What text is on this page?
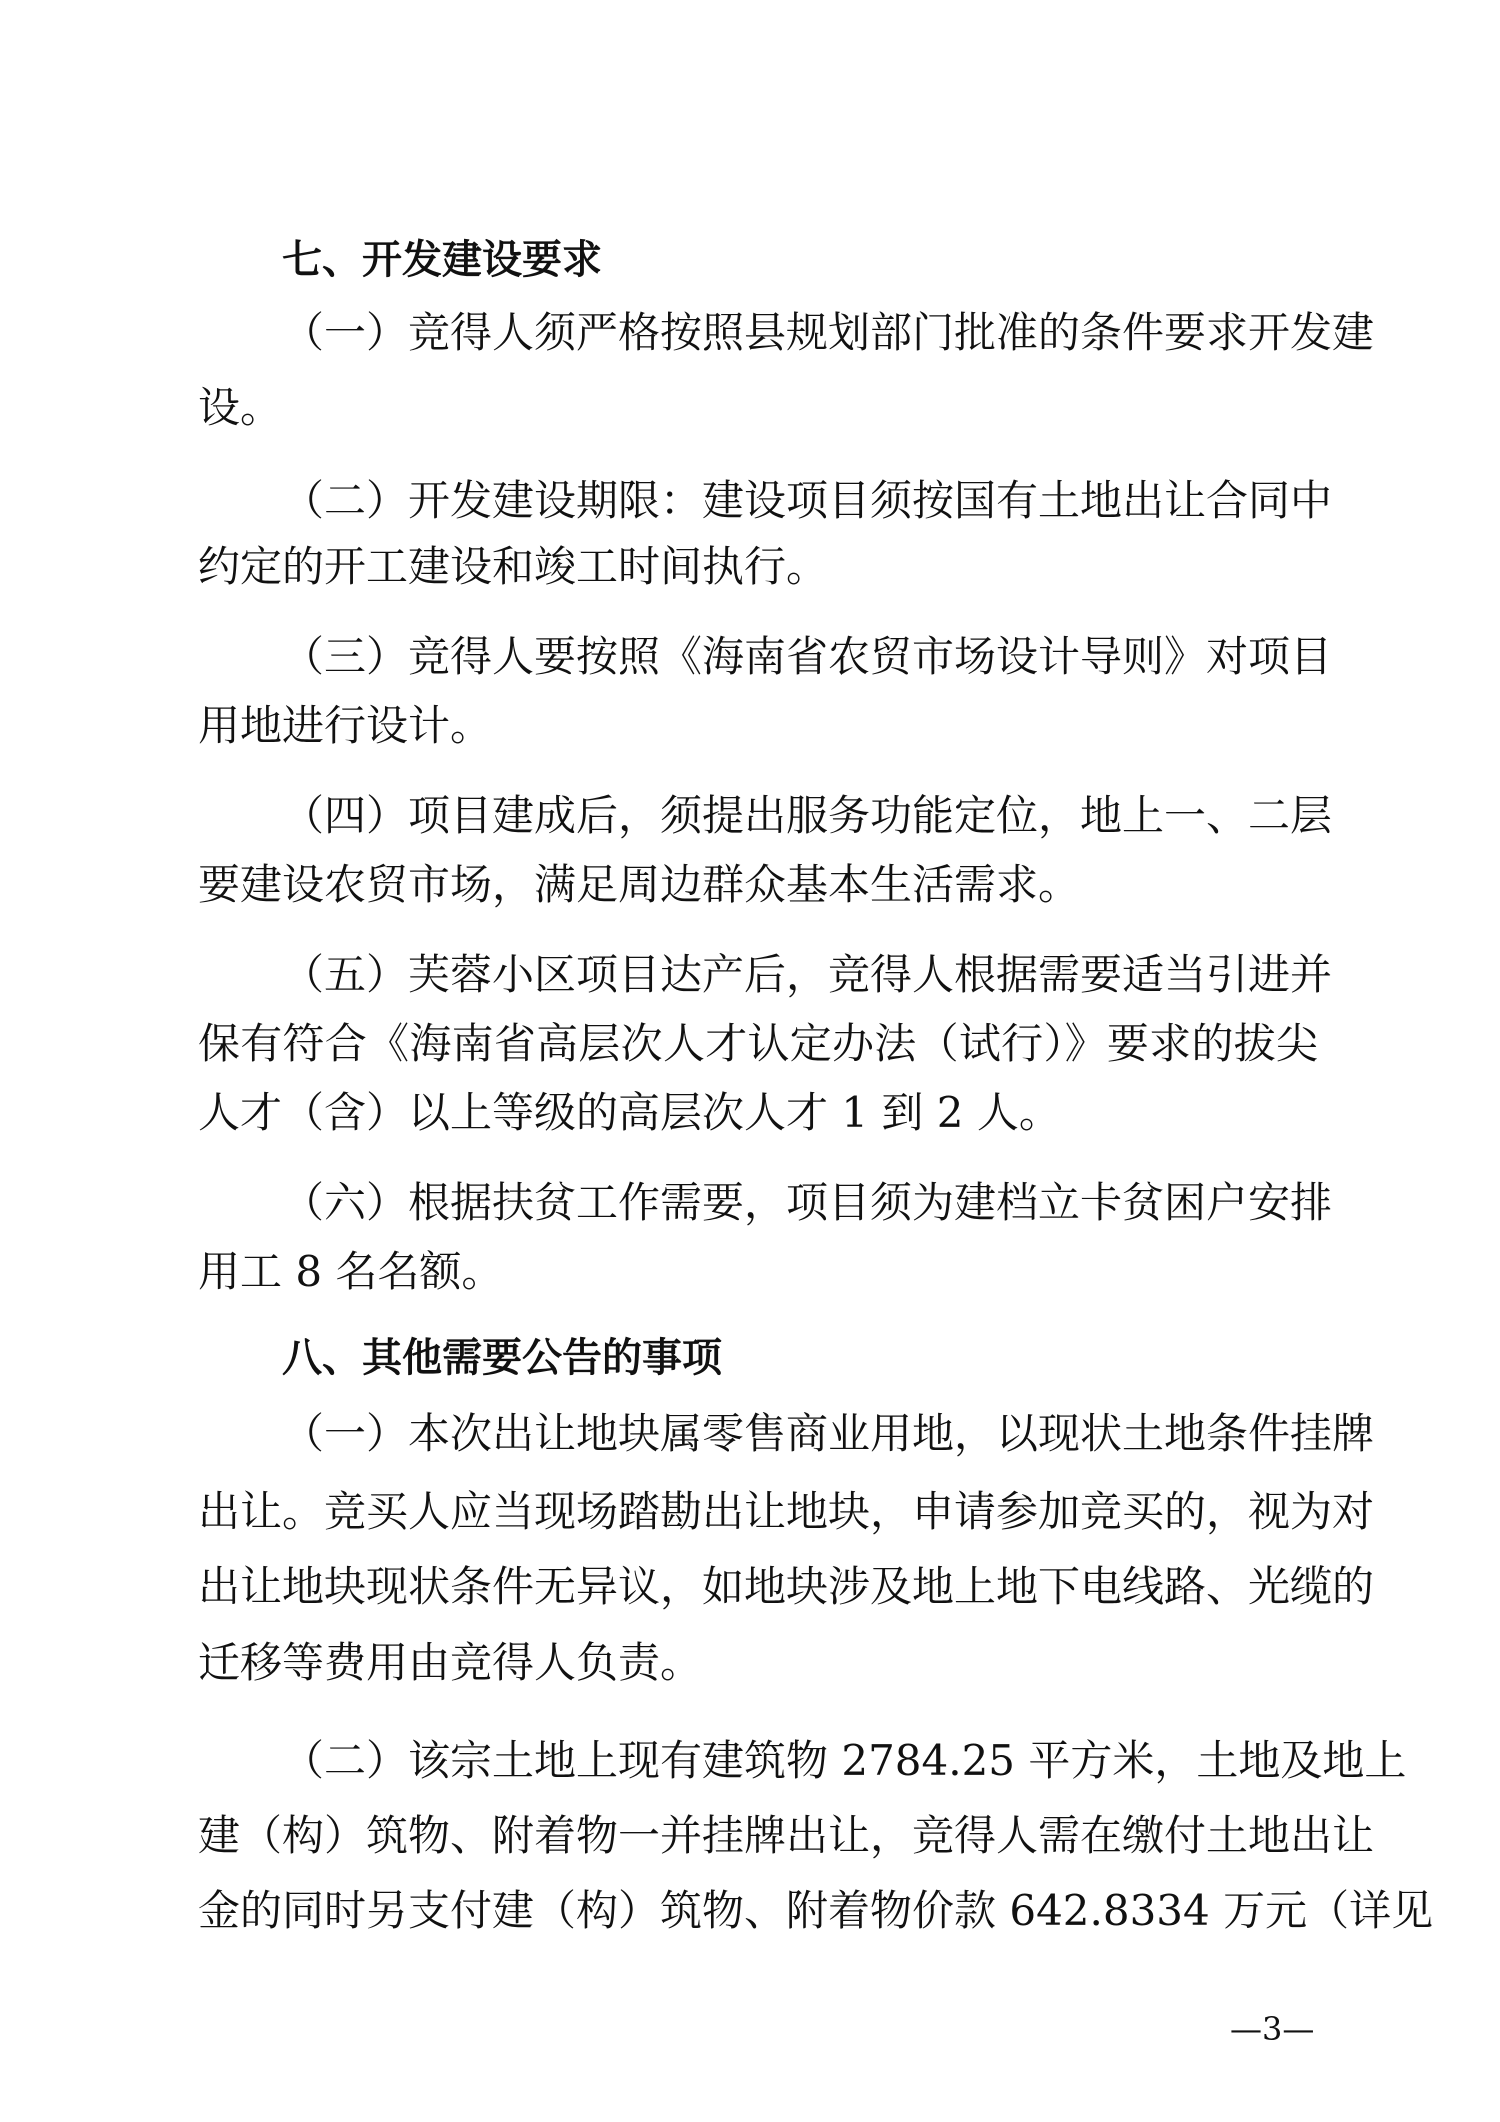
七、开发建设要求
（一）竞得人须严格按照县规划部门批准的条件要求开发建
设。
（二）开发建设期限：建设项目须按国有土地出让合同中
约定的开工建设和竣工时间执行。
（三）竞得人要按照《海南省农贸市场设计导则》对项目
用地进行设计。
（四）项目建成后，须提出服务功能定位，地上一、二层
要建设农贸市场，满足周边群众基本生活需求。
（五）芙蓉小区项目达产后，竞得人根据需要适当引进并
保有符合《海南省高层次人才认定办法（试行）》要求的拔尖
人才（含）以上等级的高层次人才 1 到 2 人。
（六）根据扶贫工作需要，项目须为建档立卡贫困户安排
用工 8 名名额。
八、其他需要公告的事项
（一）本次出让地块属零售商业用地，以现状土地条件挂牌
出让。竞买人应当现场踏勘出让地块，申请参加竞买的，视为对
出让地块现状条件无异议，如地块涉及地上地下电线路、光缆的
迁移等费用由竞得人负责。
（二）该宗土地上现有建筑物 2784.25 平方米，土地及地上
建（构）筑物、附着物一并挂牌出让，竞得人需在缴付土地出让
金的同时另支付建（构）筑物、附着物价款 642.8334 万元（详见
—3—
